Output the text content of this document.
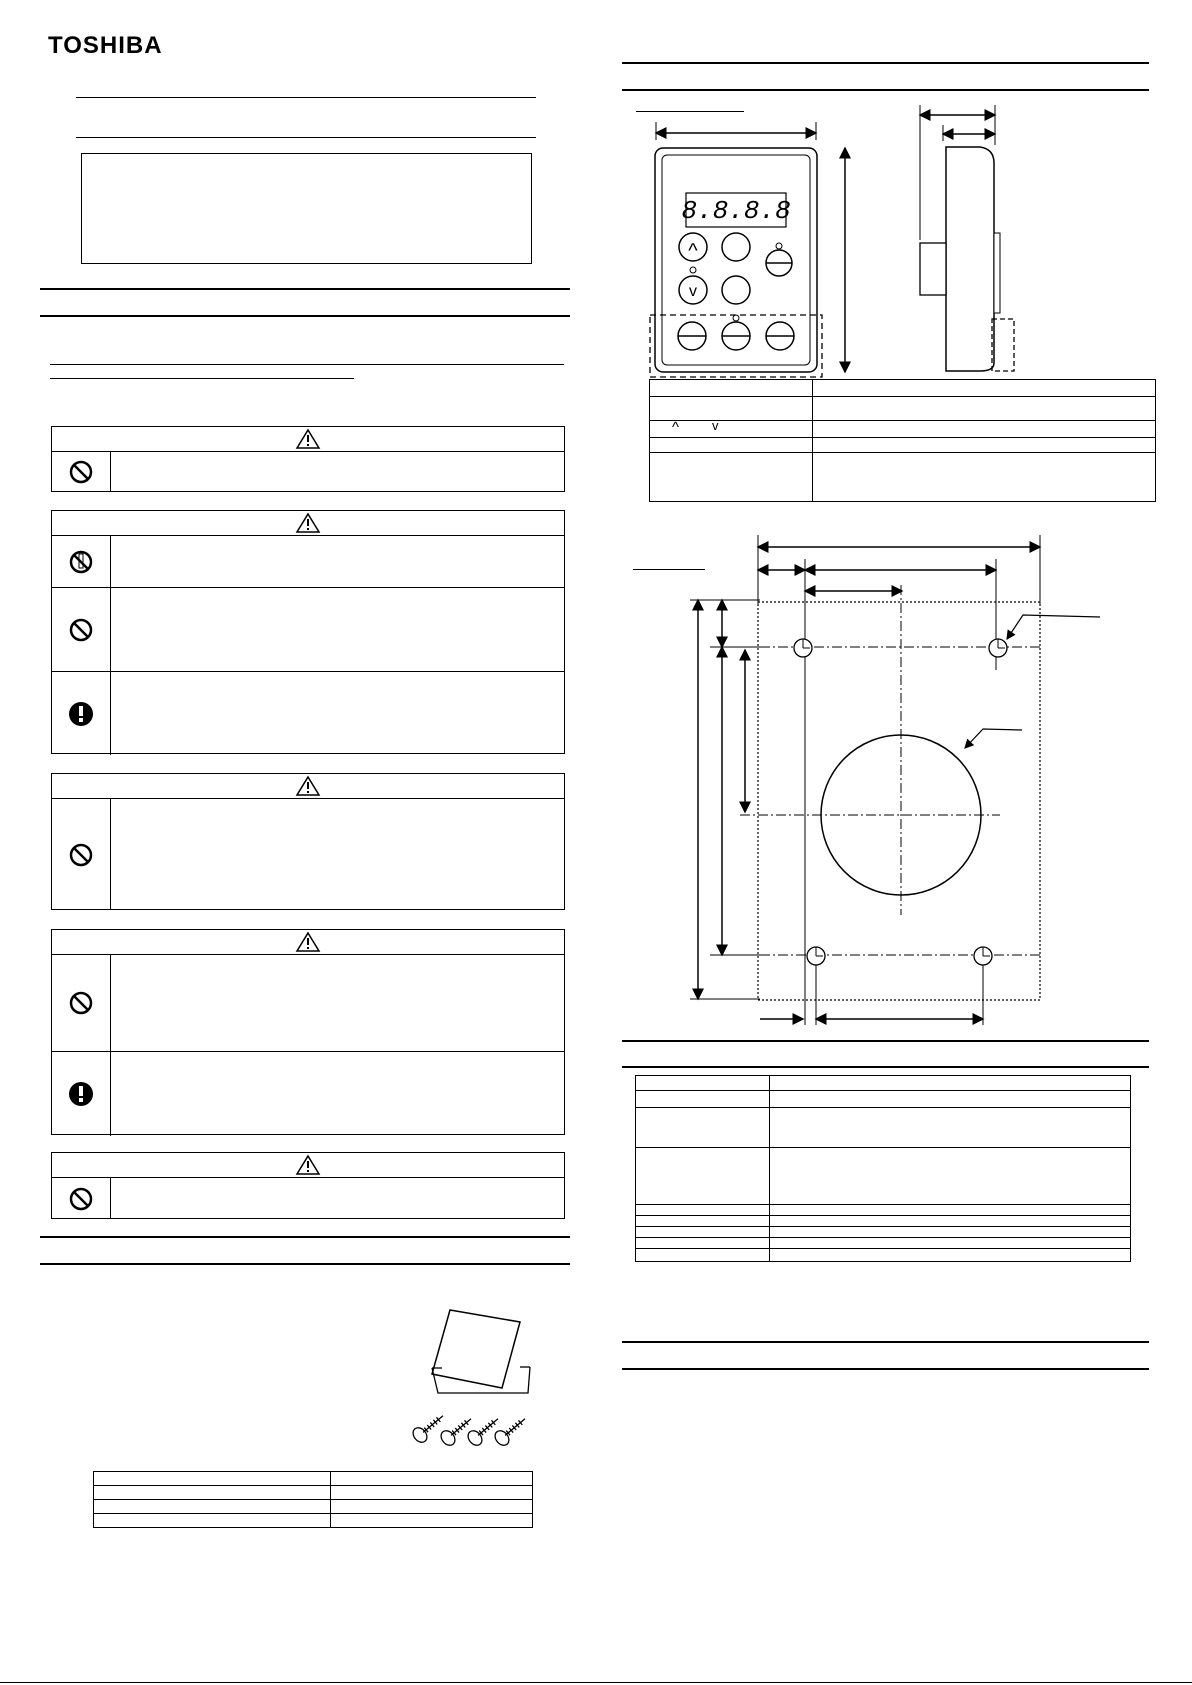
TOSHIBA

8.8.8.8
^
v

^ v	
